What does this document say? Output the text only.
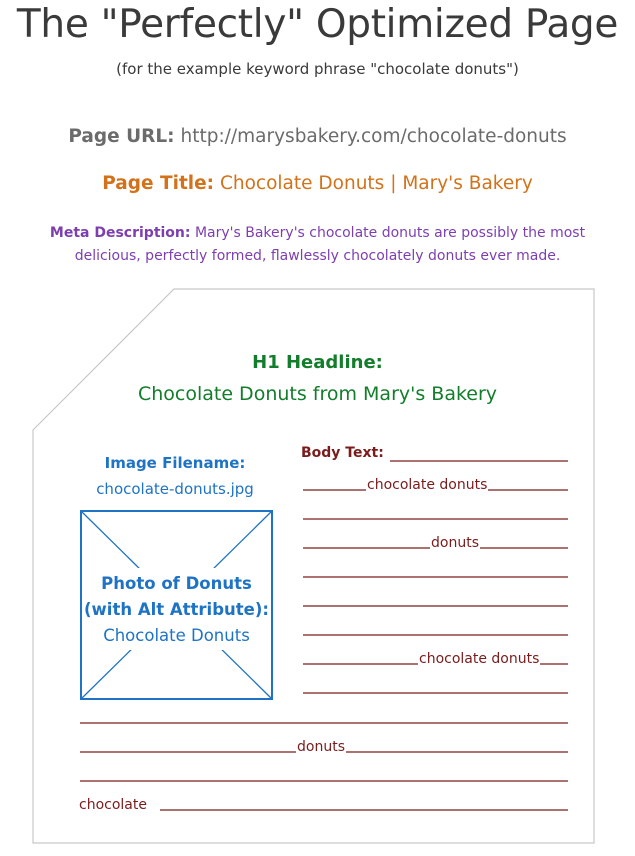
The "Perfectly" Optimized Page
(for the example keyword phrase "chocolate donuts")
Page URL: http://marysbakery.com/chocolate-donuts
Page Title: Chocolate Donuts | Mary's Bakery
Meta Description: Mary's Bakery's chocolate donuts are possibly the most
delicious, perfectly formed, flawlessly chocolately donuts ever made.
H1 Headline:
Chocolate Donuts from Mary's Bakery
Image Filename:
chocolate-donuts.jpg
Photo of Donuts
(with Alt Attribute):
Chocolate Donuts
Body Text:
chocolate donuts
donuts
chocolate donuts
donuts
chocolate
